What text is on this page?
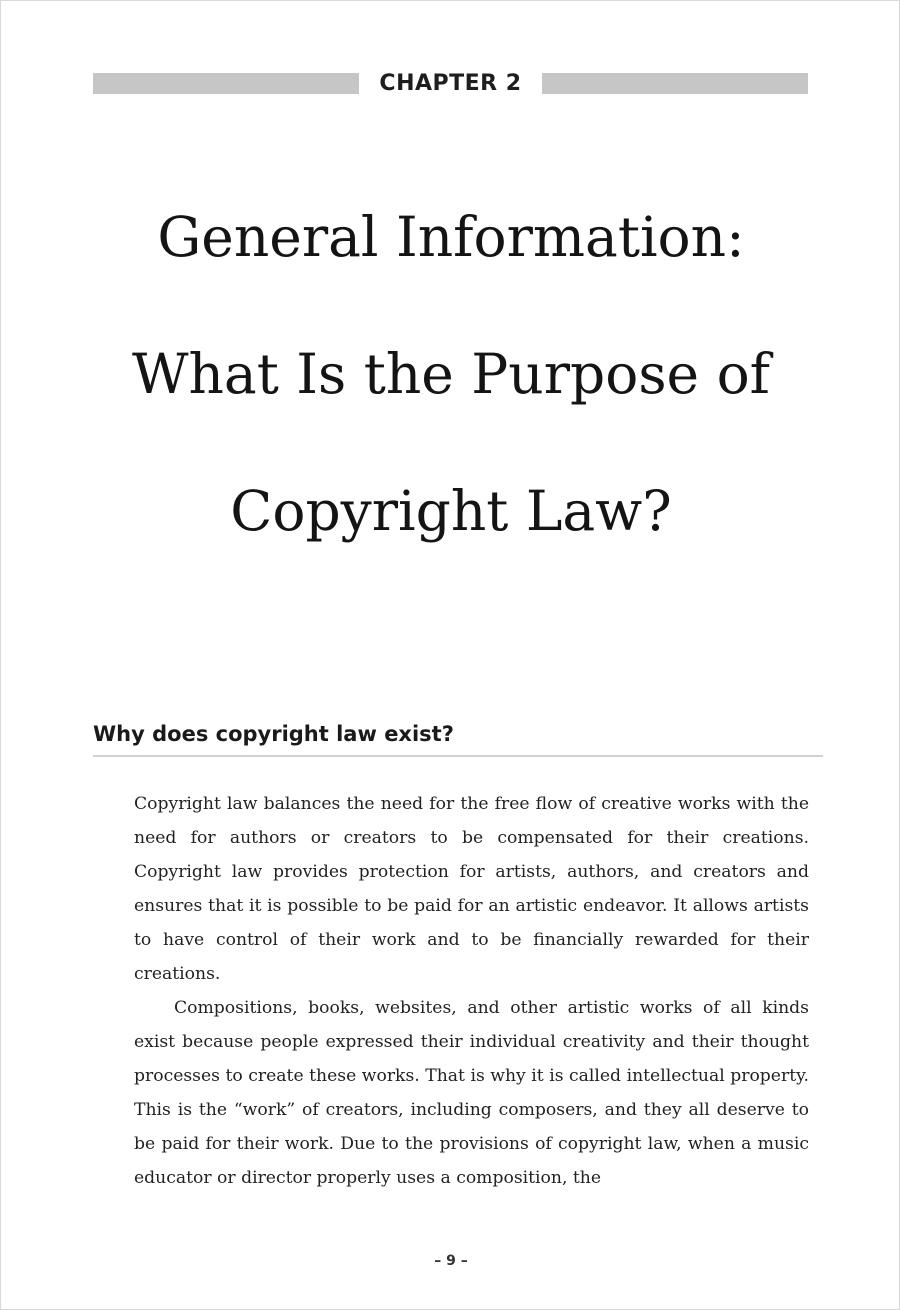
CHAPTER 2
General Information:
What Is the Purpose of
Copyright Law?
Why does copyright law exist?

Copyright law balances the need for the free flow of creative works with the need for authors or creators to be compensated for their creations. Copyright law provides protection for artists, authors, and creators and ensures that it is possible to be paid for an artistic endeavor. It allows artists to have control of their work and to be financially rewarded for their creations.

Compositions, books, websites, and other artistic works of all kinds exist because people expressed their individual creativity and their thought processes to create these works. That is why it is called intellectual property. This is the “work” of creators, including composers, and they all deserve to be paid for their work. Due to the provisions of copyright law, when a music educator or director properly uses a composition, the

– 9 –
